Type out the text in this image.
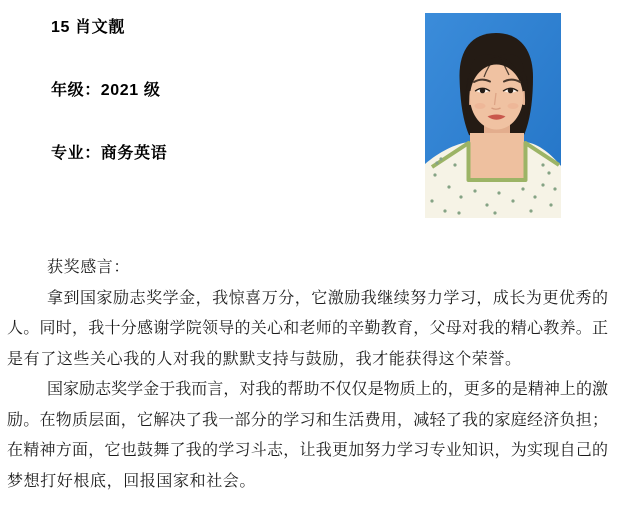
15 肖文靓
年级：2021 级
专业：商务英语
获奖感言：
拿到国家励志奖学金，我惊喜万分，它激励我继续努力学习，成长为更优秀的
人。同时，我十分感谢学院领导的关心和老师的辛勤教育，父母对我的精心教养。正
是有了这些关心我的人对我的默默支持与鼓励，我才能获得这个荣誉。
国家励志奖学金于我而言，对我的帮助不仅仅是物质上的，更多的是精神上的激
励。在物质层面，它解决了我一部分的学习和生活费用，减轻了我的家庭经济负担；
在精神方面，它也鼓舞了我的学习斗志，让我更加努力学习专业知识，为实现自己的
梦想打好根底，回报国家和社会。
